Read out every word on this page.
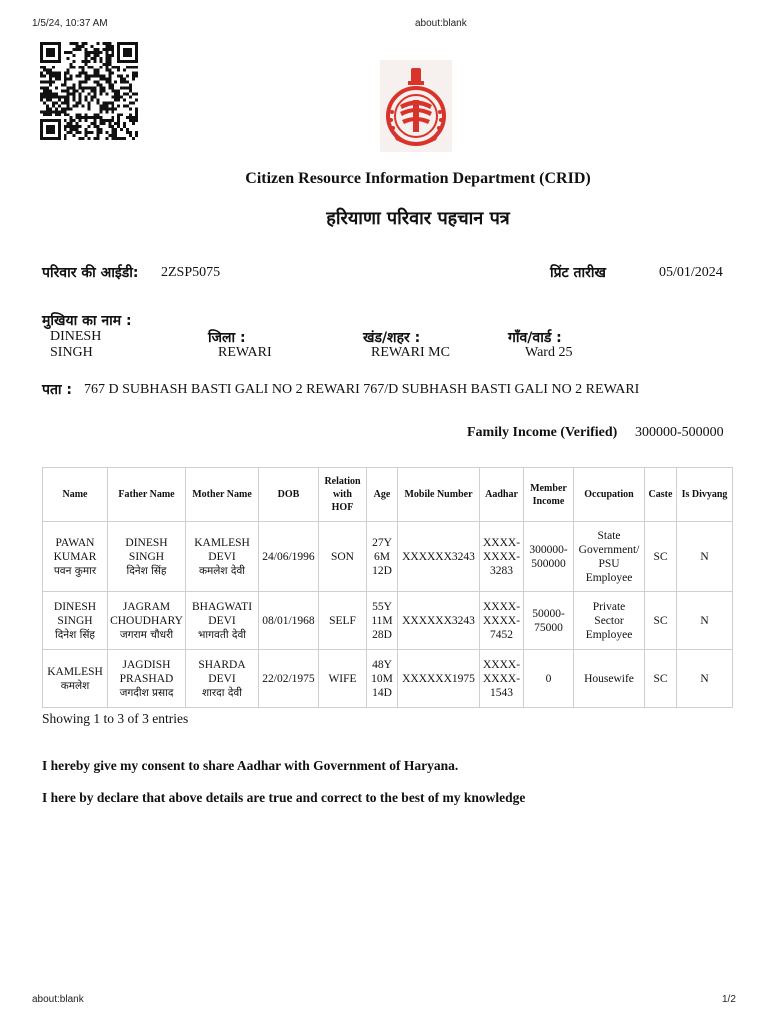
1/5/24, 10:37 AM	about:blank
about:blank	1/2
Citizen Resource Information Department (CRID)
हरियाणा परिवार पहचान पत्र
परिवार की आईडी: 2ZSP5075	प्रिंट तारीख	05/01/2024
मुखिया का नाम :
DINESH
SINGH
जिला :
REWARI
खंड/शहर :
REWARI MC
गाँव/वार्ड :
Ward 25
पता : 767 D SUBHASH BASTI GALI NO 2 REWARI 767/D SUBHASH BASTI GALI NO 2 REWARI
Family Income (Verified) 300000-500000
Name	Father Name	Mother Name	DOB	Relation with HOF	Age	Mobile Number	Aadhar	Member Income	Occupation	Caste	Is Divyang

PAWAN
KUMAR
पवन कुमार	DINESH
SINGH
दिनेश सिंह	KAMLESH
DEVI
कमलेश देवी	24/06/1996	SON	27Y
6M
12D	XXXXXX3243	XXXX-
XXXX-
3283	300000-
500000	State
Government/
PSU
Employee	SC	N

DINESH
SINGH
दिनेश सिंह	JAGRAM
CHOUDHARY
जगराम चौधरी	BHAGWATI
DEVI
भागवती देवी	08/01/1968	SELF	55Y
11M
28D	XXXXXX3243	XXXX-
XXXX-
7452	50000-
75000	Private
Sector
Employee	SC	N

KAMLESH
कमलेश	JAGDISH
PRASHAD
जगदीश प्रसाद	SHARDA
DEVI
शारदा देवी	22/02/1975	WIFE	48Y
10M
14D	XXXXXX1975	XXXX-
XXXX-
1543	0	Housewife	SC	N
Showing 1 to 3 of 3 entries
I hereby give my consent to share Aadhar with Government of Haryana.
I here by declare that above details are true and correct to the best of my knowledge
